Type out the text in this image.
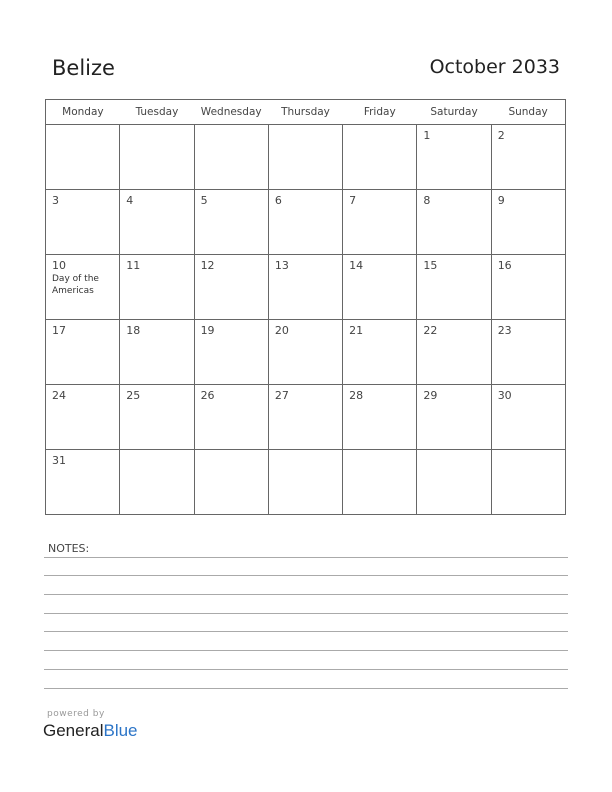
Belize	October 2033
Monday	Tuesday	Wednesday	Thursday	Friday	Saturday	Sunday

					1	2

3	4	5	6	7	8	9

10
Day of the Americas	11	12	13	14	15	16

17	18	19	20	21	22	23

24	25	26	27	28	29	30

31						

NOTES:
powered by
GeneralBlue
